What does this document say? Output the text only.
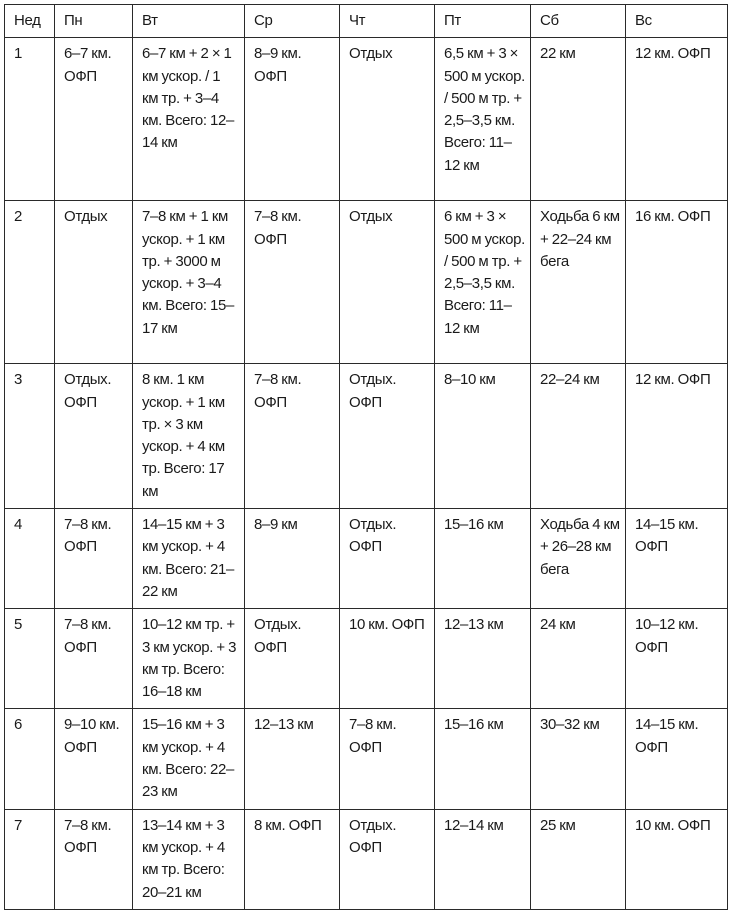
Нед	Пн	Вт	Ср	Чт	Пт	Сб	Вс
1	6–7 км. ОФП	6–7 км + 2 × 1 км ускор. / 1 км тр. + 3–4 км. Всего: 12–14 км	8–9 км. ОФП	Отдых	6,5 км + 3 × 500 м ускор. / 500 м тр. + 2,5–3,5 км. Всего: 11–12 км	22 км	12 км. ОФП
2	Отдых	7–8 км + 1 км ускор. + 1 км тр. + 3000 м ускор. + 3–4 км. Всего: 15–17 км	7–8 км. ОФП	Отдых	6 км + 3 × 500 м ускор. / 500 м тр. + 2,5–3,5 км. Всего: 11–12 км	Ходьба 6 км + 22–24 км бега	16 км. ОФП
3	Отдых. ОФП	8 км. 1 км ускор. + 1 км тр. × 3 км ускор. + 4 км тр. Всего: 17 км	7–8 км. ОФП	Отдых. ОФП	8–10 км	22–24 км	12 км. ОФП
4	7–8 км. ОФП	14–15 км + 3 км ускор. + 4 км. Всего: 21–22 км	8–9 км	Отдых. ОФП	15–16 км	Ходьба 4 км + 26–28 км бега	14–15 км. ОФП
5	7–8 км. ОФП	10–12 км тр. + 3 км ускор. + 3 км тр. Всего: 16–18 км	Отдых. ОФП	10 км. ОФП	12–13 км	24 км	10–12 км. ОФП
6	9–10 км. ОФП	15–16 км + 3 км ускор. + 4 км. Всего: 22–23 км	12–13 км	7–8 км. ОФП	15–16 км	30–32 км	14–15 км. ОФП
7	7–8 км. ОФП	13–14 км + 3 км ускор. + 4 км тр. Всего: 20–21 км	8 км. ОФП	Отдых. ОФП	12–14 км	25 км	10 км. ОФП
